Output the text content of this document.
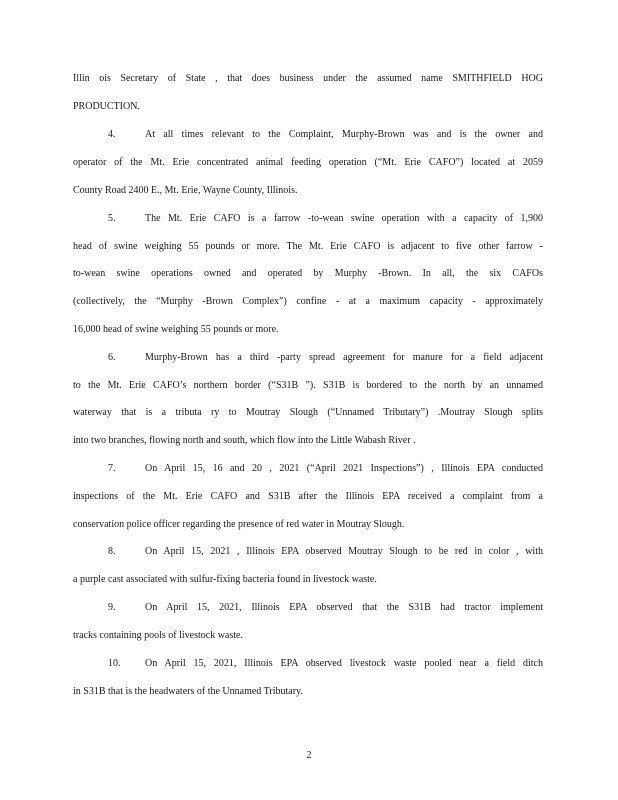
Illin ois Secretary of State , that does business under the assumed name SMITHFIELD HOG
PRODUCTION.
4.	At all times relevant to the Complaint, Murphy-Brown was and is the owner and
operator of the Mt. Erie concentrated animal feeding operation (“Mt. Erie CAFO”) located at 2059
County Road 2400 E., Mt. Erie, Wayne County, Illinois.
5.	The Mt. Erie CAFO is a farrow -to-wean swine operation with a capacity of 1,900
head of swine weighing 55 pounds or more. The Mt. Erie CAFO is adjacent to five other farrow -
to-wean swine operations owned and operated by Murphy -Brown. In all, the six CAFOs
(collectively, the “Murphy -Brown Complex”) confine - at a maximum capacity - approximately
16,000 head of swine weighing 55 pounds or more.
6.	Murphy-Brown has a third -party spread agreement for manure for a field adjacent
to the Mt. Erie CAFO’s northern border (“S31B ”). S31B is bordered to the north by an unnamed
waterway that is a tributa ry to Moutray Slough (“Unnamed Tributary”) .Moutray Slough splits
into two branches, flowing north and south, which flow into the Little Wabash River .
7.	On April 15, 16 and 20 , 2021 (“April 2021 Inspections”) , Illinois EPA conducted
inspections of the Mt. Erie CAFO and S31B after the Illinois EPA received a complaint from a
conservation police officer regarding the presence of red water in Moutray Slough.
8.	On April 15, 2021 , Illinois EPA observed Moutray Slough to be red in color , with
a purple cast associated with sulfur-fixing bacteria found in livestock waste.
9.	On April 15, 2021, Illinois EPA observed that the S31B had tractor implement
tracks containing pools of livestock waste.
10. On April 15, 2021, Illinois EPA observed livestock waste pooled near a field ditch
in S31B that is the headwaters of the Unnamed Tributary.
2
